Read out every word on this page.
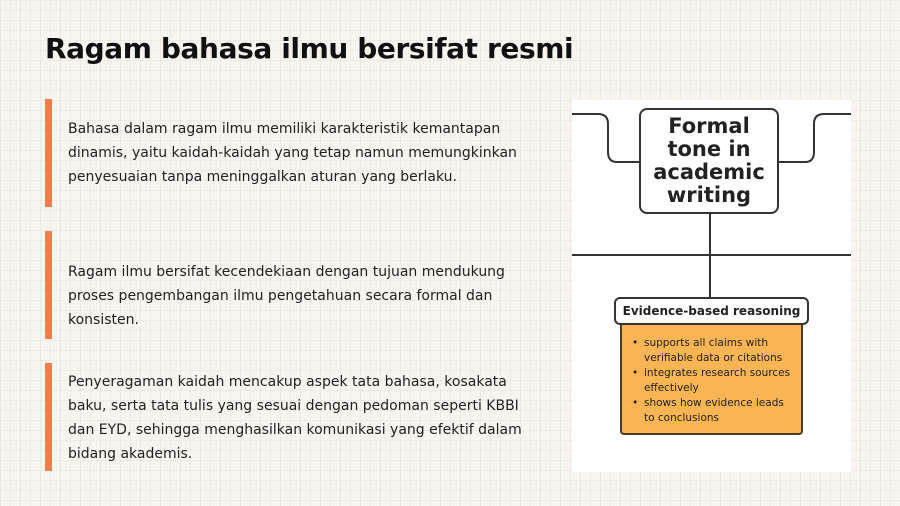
Ragam bahasa ilmu bersifat resmi

Bahasa dalam ragam ilmu memiliki karakteristik kemantapan dinamis, yaitu kaidah-kaidah yang tetap namun memungkinkan penyesuaian tanpa meninggalkan aturan yang berlaku.

Ragam ilmu bersifat kecendekiaan dengan tujuan mendukung proses pengembangan ilmu pengetahuan secara formal dan konsisten.

Penyeragaman kaidah mencakup aspek tata bahasa, kosakata baku, serta tata tulis yang sesuai dengan pedoman seperti KBBI dan EYD, sehingga menghasilkan komunikasi yang efektif dalam bidang akademis.

Formal
tone in
academic
writing
Evidence-based reasoning
• supports all claims with verifiable data or citations
• integrates research sources effectively
• shows how evidence leads to conclusions
